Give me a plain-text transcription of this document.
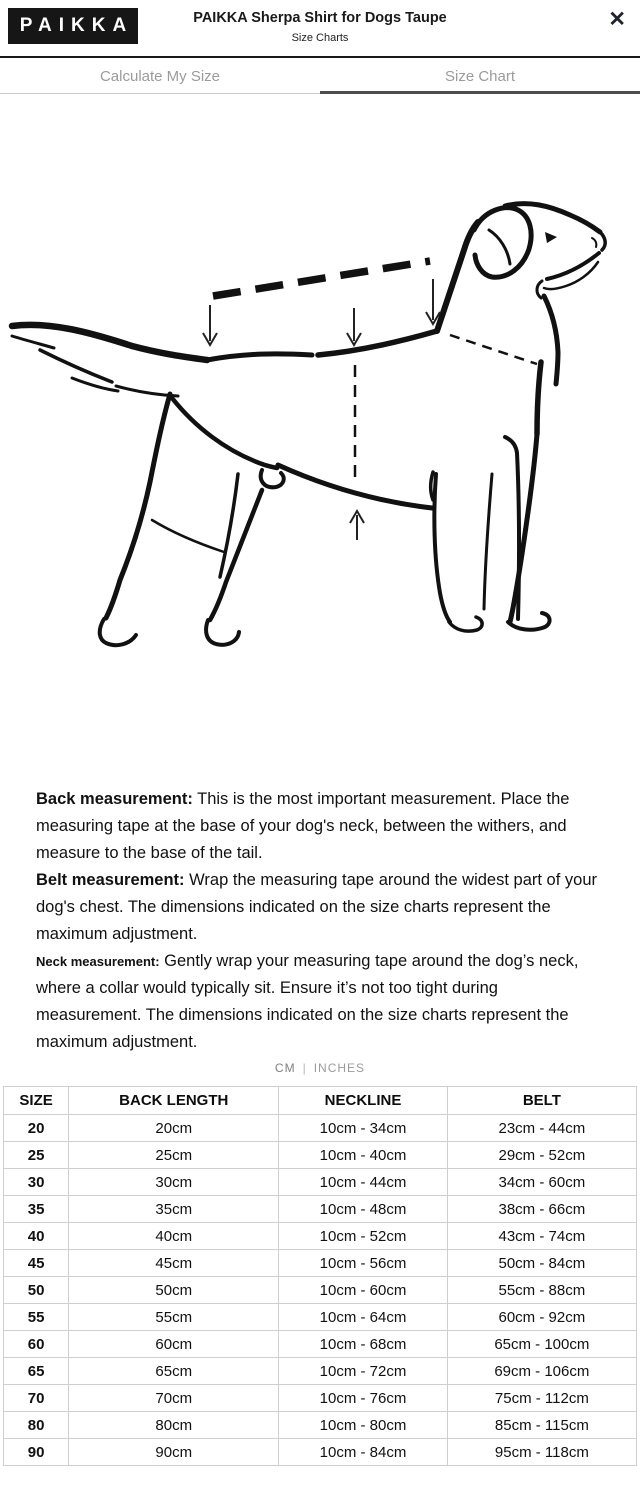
PAIKKA	PAIKKA Sherpa Shirt for Dogs Taupe
Size Charts
✕
Calculate My Size	Size Chart

Back measurement: This is the most important measurement. Place the measuring tape at the base of your dog's neck, between the withers, and measure to the base of the tail.

Belt measurement: Wrap the measuring tape around the widest part of your dog's chest. The dimensions indicated on the size charts represent the maximum adjustment.

Neck measurement: Gently wrap your measuring tape around the dog’s neck, where a collar would typically sit. Ensure it’s not too tight during measurement. The dimensions indicated on the size charts represent the maximum adjustment.

CM | INCHES
SIZE	BACK LENGTH	NECKLINE	BELT
20	20cm	10cm - 34cm	23cm - 44cm
25	25cm	10cm - 40cm	29cm - 52cm
30	30cm	10cm - 44cm	34cm - 60cm
35	35cm	10cm - 48cm	38cm - 66cm
40	40cm	10cm - 52cm	43cm - 74cm
45	45cm	10cm - 56cm	50cm - 84cm
50	50cm	10cm - 60cm	55cm - 88cm
55	55cm	10cm - 64cm	60cm - 92cm
60	60cm	10cm - 68cm	65cm - 100cm
65	65cm	10cm - 72cm	69cm - 106cm
70	70cm	10cm - 76cm	75cm - 112cm
80	80cm	10cm - 80cm	85cm - 115cm
90	90cm	10cm - 84cm	95cm - 118cm
